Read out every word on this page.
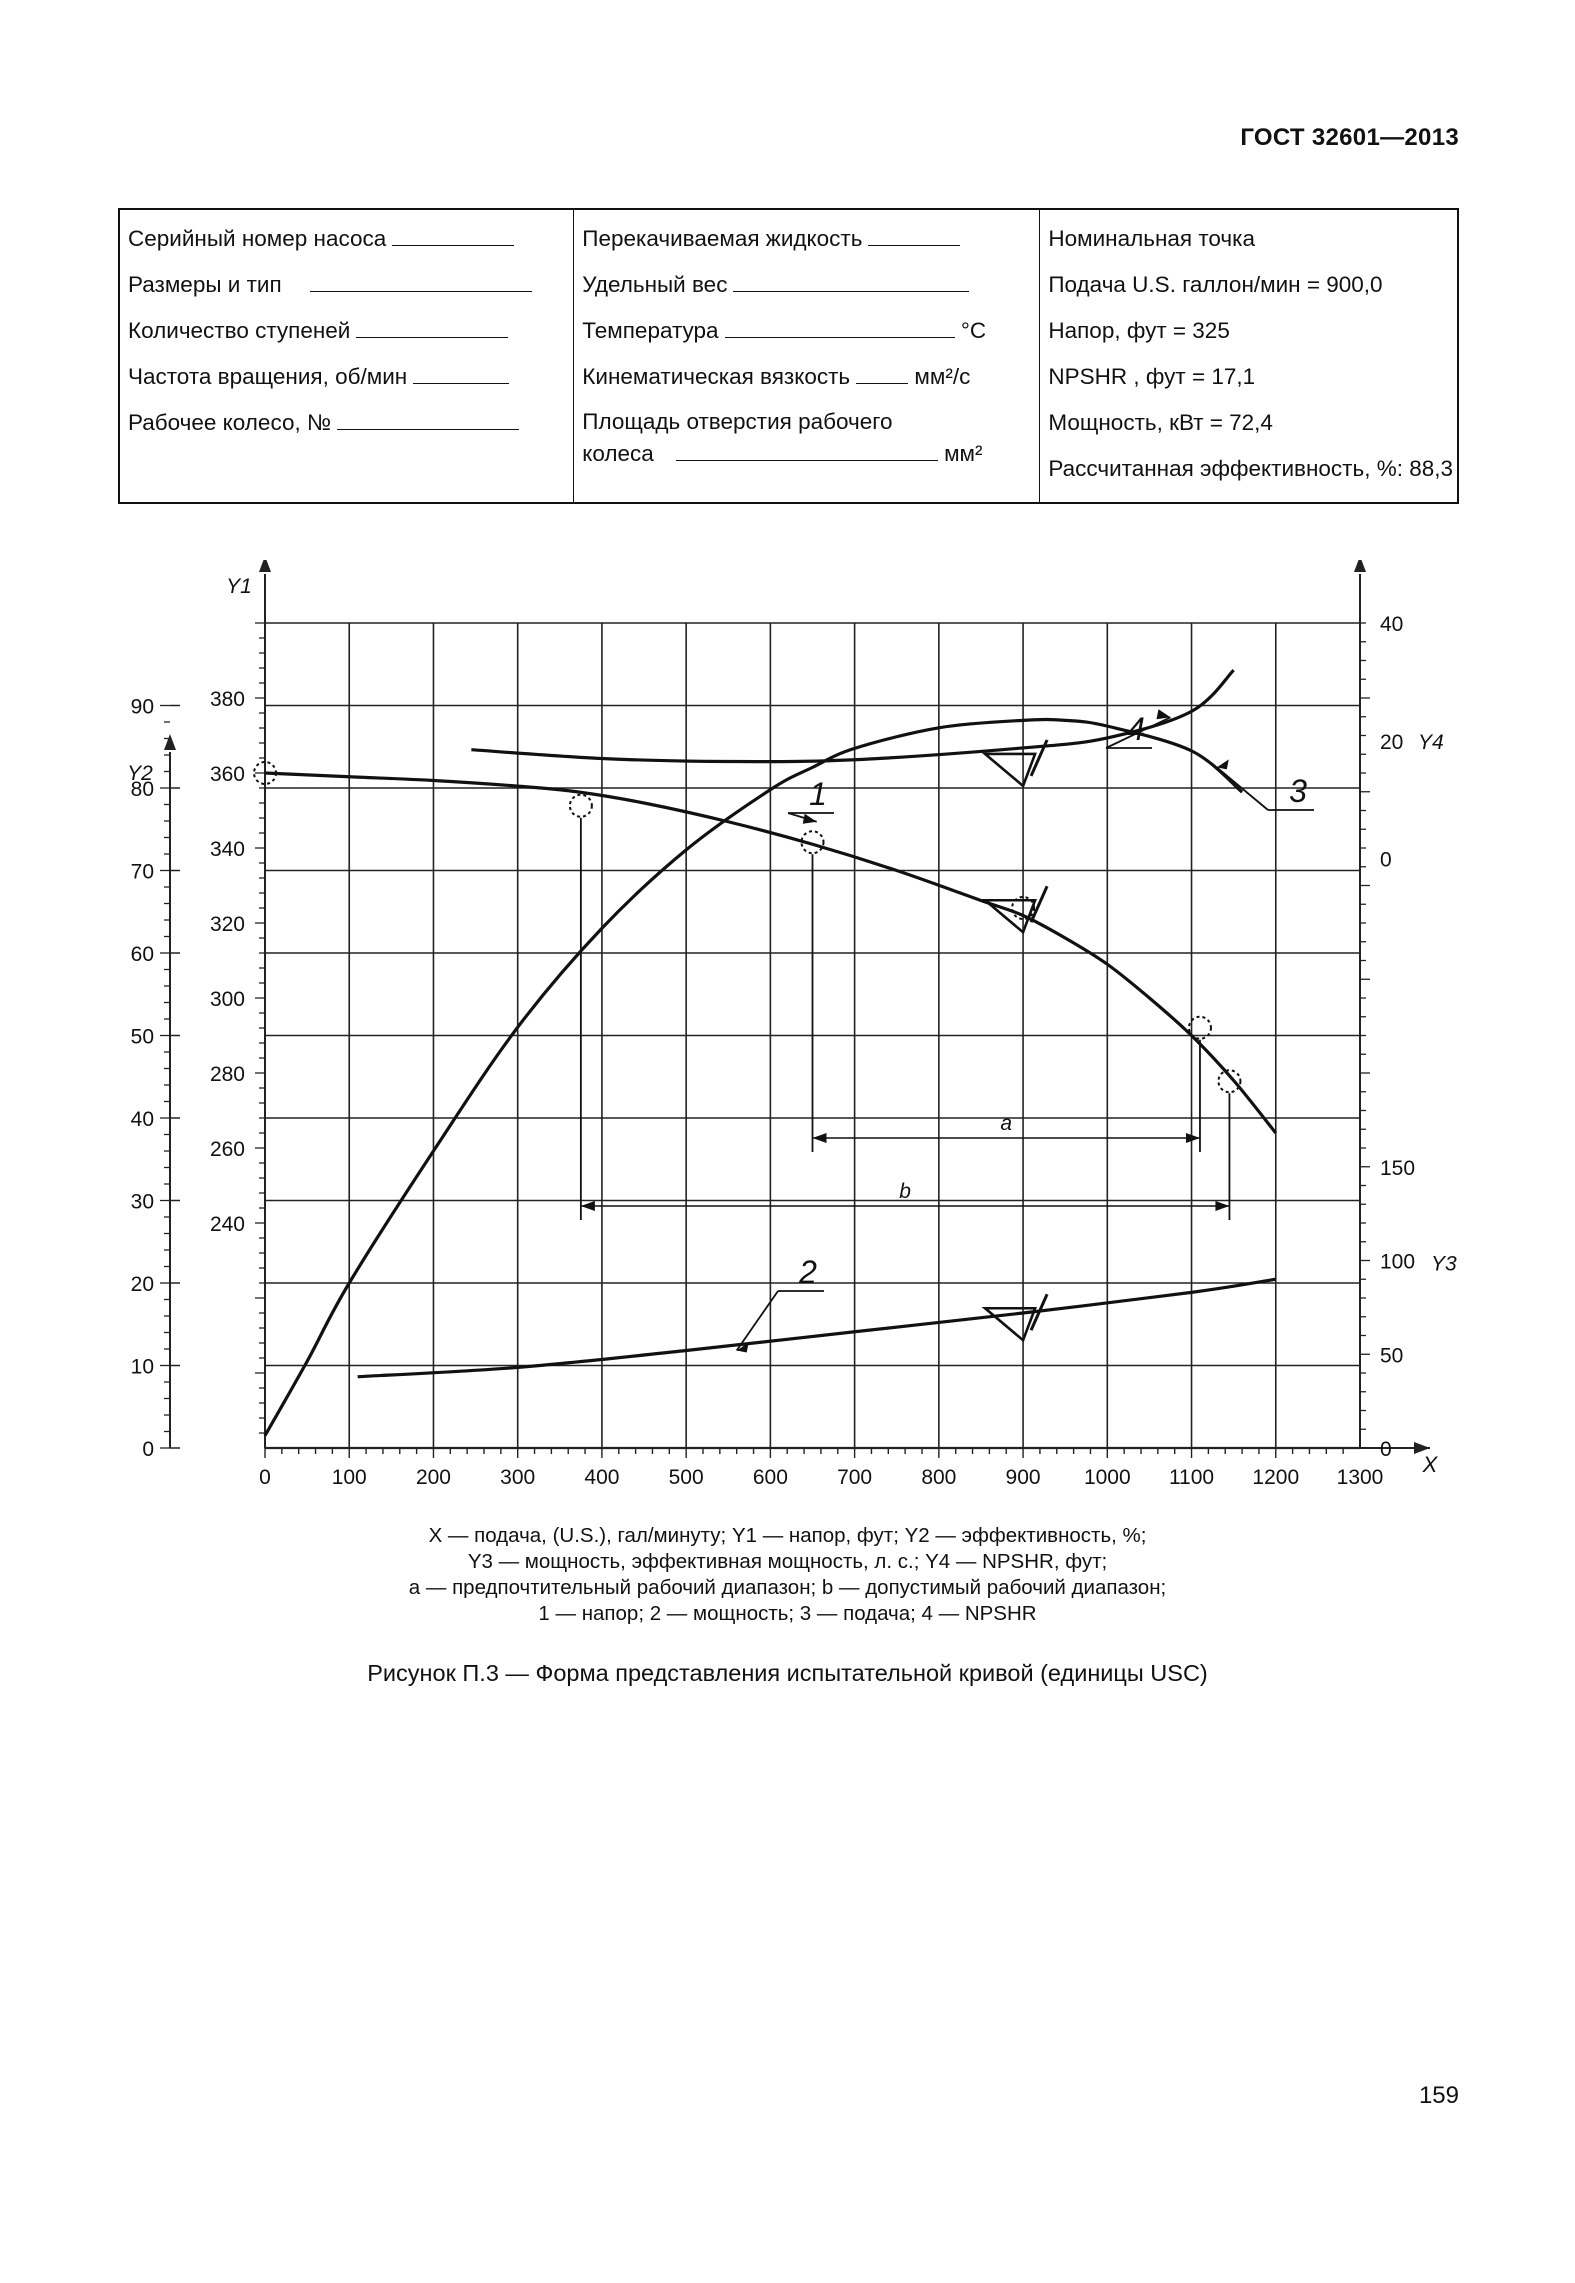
ГОСТ 32601—2013
Серийный номер насоса
Размеры и тип
Количество ступеней
Частота вращения, об/мин
Рабочее колесо, №

Перекачиваемая жидкость
Удельный вес
Температура	°C
Кинематическая вязкость	мм²/с
Площадь отверстия рабочего
колеса	мм²

Номинальная точка
Подача U.S. галлон/мин = 900,0
Напор, фут = 325
NPSHR , фут = 17,1
Мощность, кВт = 72,4
Рассчитанная эффективность, %: 88,3
0	100 200 300 400 500 600 700 800 900 1000 1100 1200 1300
X
Y2
0
10
20
30
40
50
60
70
80
90
Y1
240
260
280
300
320
340
360
380
0
50
100
150
Y3
0
20
40
Y4
a
b
1
2
3
4
X — подача, (U.S.), гал/минуту; Y1 — напор, фут; Y2 — эффективность, %;
Y3 — мощность, эффективная мощность, л. с.; Y4 — NPSHR, фут;
a — предпочтительный рабочий диапазон; b — допустимый рабочий диапазон;
1 — напор; 2 — мощность; 3 — подача; 4 — NPSHR
Рисунок П.3 — Форма представления испытательной кривой (единицы USC)
159
